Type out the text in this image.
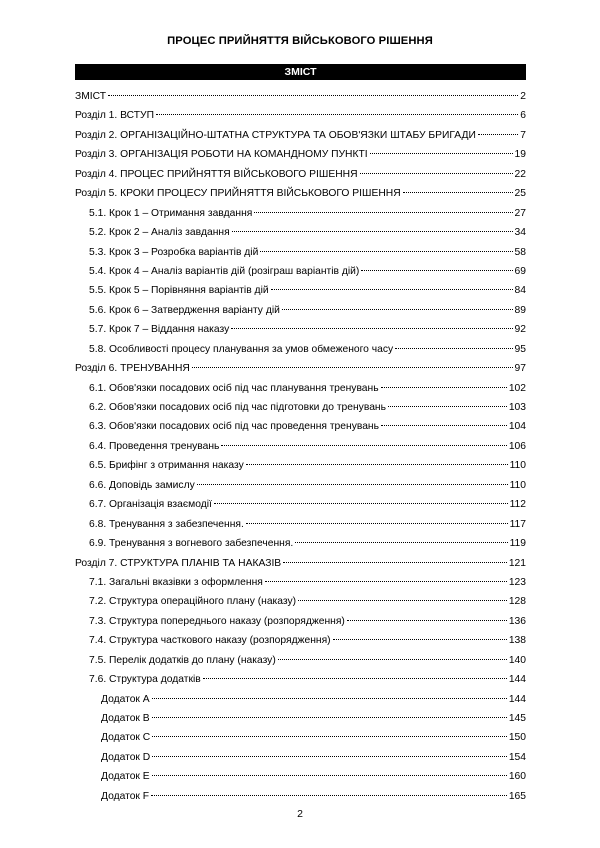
ПРОЦЕС ПРИЙНЯТТЯ ВІЙСЬКОВОГО РІШЕННЯ
ЗМІСТ
ЗМІСТ	2
Розділ 1. ВСТУП	6
Розділ 2. ОРГАНІЗАЦІЙНО-ШТАТНА СТРУКТУРА ТА ОБОВ'ЯЗКИ ШТАБУ БРИГАДИ	7
Розділ 3. ОРГАНІЗАЦІЯ РОБОТИ НА КОМАНДНОМУ ПУНКТІ	19
Розділ 4. ПРОЦЕС ПРИЙНЯТТЯ ВІЙСЬКОВОГО РІШЕННЯ	22
Розділ 5. КРОКИ ПРОЦЕСУ ПРИЙНЯТТЯ ВІЙСЬКОВОГО РІШЕННЯ	25
5.1. Крок 1 – Отримання завдання	27
5.2. Крок 2 – Аналіз завдання	34
5.3. Крок 3 – Розробка варіантів дій	58
5.4. Крок 4 – Аналіз варіантів дій (розіграш варіантів дій)	69
5.5. Крок 5 – Порівняння варіантів дій	84
5.6. Крок 6 – Затвердження варіанту дій	89
5.7. Крок 7 – Віддання наказу	92
5.8. Особливості процесу планування за умов обмеженого часу	95
Розділ 6. ТРЕНУВАННЯ	97
6.1. Обов'язки посадових осіб під час планування тренувань	102
6.2. Обов'язки посадових осіб під час підготовки до тренувань	103
6.3. Обов'язки посадових осіб під час проведення тренувань	104
6.4. Проведення тренувань	106
6.5. Брифінг з отримання наказу	110
6.6. Доповідь замислу	110
6.7. Організація взаємодії	112
6.8. Тренування з забезпечення.	117
6.9. Тренування з вогневого забезпечення.	119
Розділ 7. СТРУКТУРА ПЛАНІВ ТА НАКАЗІВ	121
7.1. Загальні вказівки з оформлення	123
7.2. Структура операційного плану (наказу)	128
7.3. Структура попереднього наказу (розпорядження)	136
7.4. Структура часткового наказу (розпорядження)	138
7.5. Перелік додатків до плану (наказу)	140
7.6. Структура додатків	144
Додаток A	144
Додаток B	145
Додаток C	150
Додаток D	154
Додаток E	160
Додаток F	165
2
